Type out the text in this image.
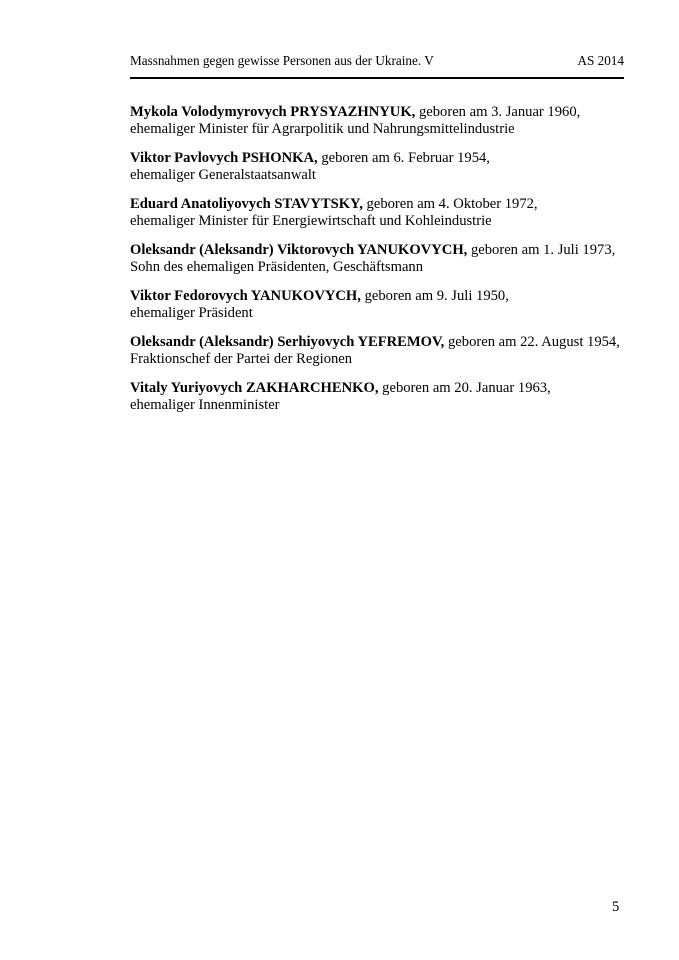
Massnahmen gegen gewisse Personen aus der Ukraine. V	AS 2014
Mykola Volodymyrovych PRYSYAZHNYUK, geboren am 3. Januar 1960,
ehemaliger Minister für Agrarpolitik und Nahrungsmittelindustrie
Viktor Pavlovych PSHONKA, geboren am 6. Februar 1954,
ehemaliger Generalstaatsanwalt
Eduard Anatoliyovych STAVYTSKY, geboren am 4. Oktober 1972,
ehemaliger Minister für Energiewirtschaft und Kohleindustrie
Oleksandr (Aleksandr) Viktorovych YANUKOVYCH, geboren am 1. Juli 1973,
Sohn des ehemaligen Präsidenten, Geschäftsmann
Viktor Fedorovych YANUKOVYCH, geboren am 9. Juli 1950,
ehemaliger Präsident
Oleksandr (Aleksandr) Serhiyovych YEFREMOV, geboren am 22. August 1954,
Fraktionschef der Partei der Regionen
Vitaly Yuriyovych ZAKHARCHENKO, geboren am 20. Januar 1963,
ehemaliger Innenminister
5
